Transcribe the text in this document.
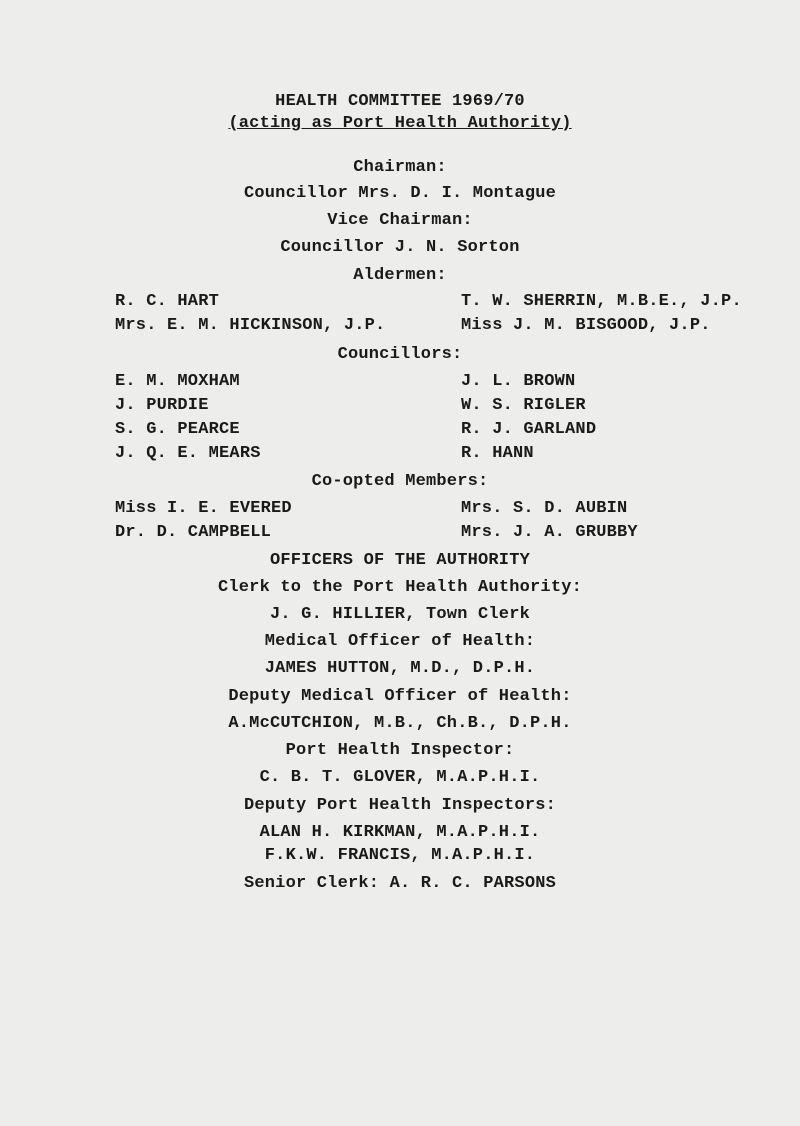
HEALTH COMMITTEE 1969/70
(acting as Port Health Authority)
Chairman:
Councillor Mrs. D. I. Montague
Vice Chairman:
Councillor J. N. Sorton
Aldermen:
R. C. HART
Mrs. E. M. HICKINSON, J.P.
T. W. SHERRIN, M.B.E., J.P.
Miss J. M. BISGOOD, J.P.
Councillors:
E. M. MOXHAM
J. PURDIE
S. G. PEARCE
J. Q. E. MEARS
J. L. BROWN
W. S. RIGLER
R. J. GARLAND
R. HANN
Co-opted Members:
Miss I. E. EVERED
Dr. D. CAMPBELL
Mrs. S. D. AUBIN
Mrs. J. A. GRUBBY
OFFICERS OF THE AUTHORITY
Clerk to the Port Health Authority:
J. G. HILLIER, Town Clerk
Medical Officer of Health:
JAMES HUTTON, M.D., D.P.H.
Deputy Medical Officer of Health:
A.McCUTCHION, M.B., Ch.B., D.P.H.
Port Health Inspector:
C. B. T. GLOVER, M.A.P.H.I.
Deputy Port Health Inspectors:
ALAN H. KIRKMAN, M.A.P.H.I.
F.K.W. FRANCIS, M.A.P.H.I.
Senior Clerk: A. R. C. PARSONS
